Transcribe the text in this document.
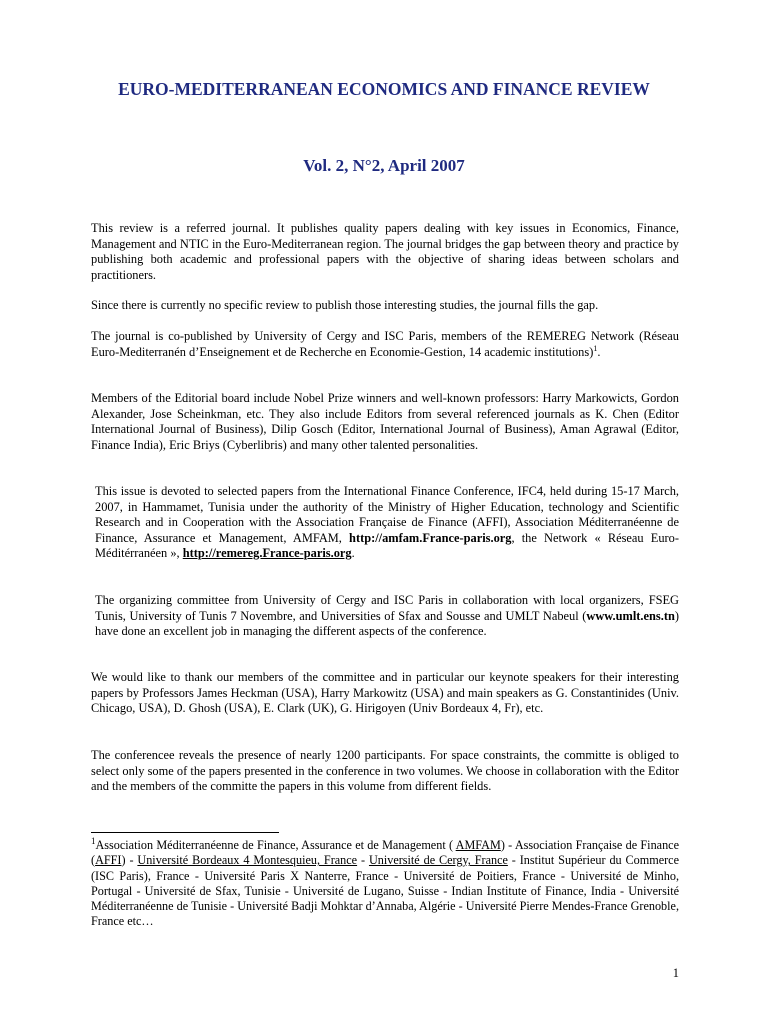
EURO-MEDITERRANEAN ECONOMICS AND FINANCE REVIEW
Vol. 2, N°2, April 2007

This review is a referred journal. It publishes quality papers dealing with key issues in Economics, Finance, Management and NTIC in the Euro-Mediterranean region. The journal bridges the gap between theory and practice by publishing both academic and professional papers with the objective of sharing ideas between scholars and practitioners.

Since there is currently no specific review to publish those interesting studies, the journal fills the gap.

The journal is co-published by University of Cergy and ISC Paris, members of the REMEREG Network (Réseau Euro-Mediterranén d’Enseignement et de Recherche en Economie-Gestion, 14 academic institutions)$^1$.

Members of the Editorial board include Nobel Prize winners and well-known professors: Harry Markowicts, Gordon Alexander, Jose Scheinkman, etc. They also include Editors from several referenced journals as K. Chen (Editor International Journal of Business), Dilip Gosch (Editor, International Journal of Business), Aman Agrawal (Editor, Finance India), Eric Briys (Cyberlibris) and many other talented personalities.

This issue is devoted to selected papers from the International Finance Conference, IFC4, held during 15-17 March, 2007, in Hammamet, Tunisia under the authority of the Ministry of Higher Education, technology and Scientific Research and in Cooperation with the Association Française de Finance (AFFI), Association Méditerranéenne de Finance, Assurance et Management, AMFAM, http://amfam.France-paris.org, the Network « Réseau Euro-Méditérranéen », http://remereg.France-paris.org.

The organizing committee from University of Cergy and ISC Paris in collaboration with local organizers, FSEG Tunis, University of Tunis 7 Novembre, and Universities of Sfax and Sousse and UMLT Nabeul (www.umlt.ens.tn) have done an excellent job in managing the different aspects of the conference.

We would like to thank our members of the committee and in particular our keynote speakers for their interesting papers by Professors James Heckman (USA), Harry Markowitz (USA) and main speakers as G. Constantinides (Univ. Chicago, USA), D. Ghosh (USA), E. Clark (UK), G. Hirigoyen (Univ Bordeaux 4, Fr), etc.

The conferencee reveals the presence of nearly 1200 participants. For space constraints, the committe is obliged to select only some of the papers presented in the conference in two volumes. We choose in collaboration with the Editor and the members of the committe the papers in this volume from different fields.

$^1$Association Méditerranéenne de Finance, Assurance et de Management ( AMFAM) - Association Française de Finance (AFFI) - Université Bordeaux 4 Montesquieu, France - Université de Cergy, France - Institut Supérieur du Commerce (ISC Paris), France - Université Paris X Nanterre, France - Université de Poitiers, France - Université de Minho, Portugal - Université de Sfax, Tunisie - Université de Lugano, Suisse - Indian Institute of Finance, India - Université Méditerranéenne de Tunisie - Université Badji Mohktar d’Annaba, Algérie - Université Pierre Mendes-France Grenoble, France etc…

1
